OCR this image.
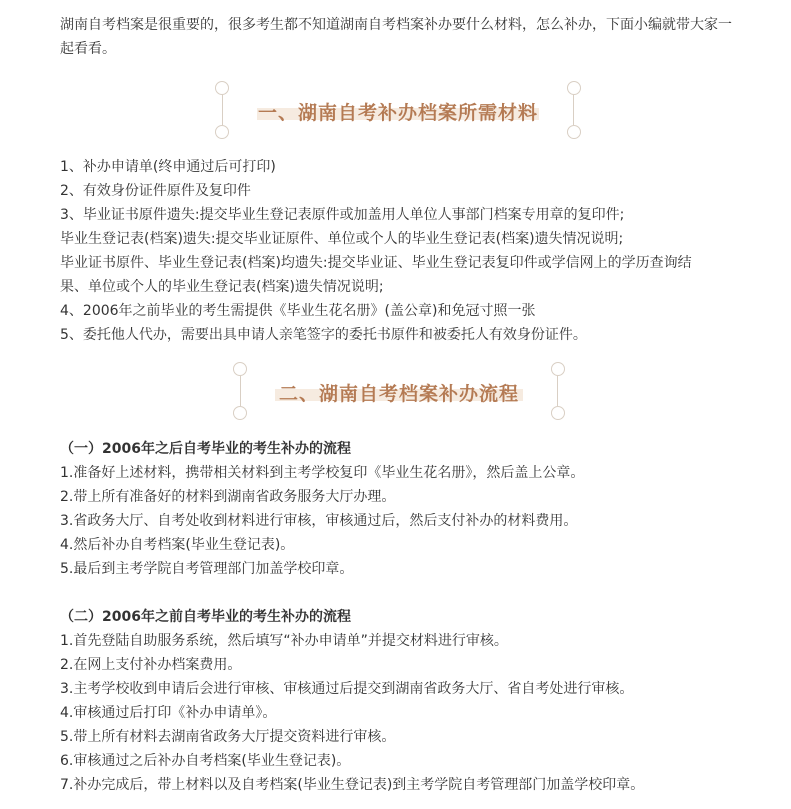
湖南自考档案是很重要的，很多考生都不知道湖南自考档案补办要什么材料，怎么补办，下面小编就带大家一起看看。

一、湖南自考补办档案所需材料

1、补办申请单(终申通过后可打印)

2、有效身份证件原件及复印件

3、毕业证书原件遗失:提交毕业生登记表原件或加盖用人单位人事部门档案专用章的复印件;

毕业生登记表(档案)遗失:提交毕业证原件、单位或个人的毕业生登记表(档案)遗失情况说明;

毕业证书原件、毕业生登记表(档案)均遗失:提交毕业证、毕业生登记表复印件或学信网上的学历查询结

果、单位或个人的毕业生登记表(档案)遗失情况说明;

4、2006年之前毕业的考生需提供《毕业生花名册》(盖公章)和免冠寸照一张

5、委托他人代办，需要出具申请人亲笔签字的委托书原件和被委托人有效身份证件。

二、湖南自考档案补办流程
（一）2006年之后自考毕业的考生补办的流程

1.准备好上述材料，携带相关材料到主考学校复印《毕业生花名册》，然后盖上公章。

2.带上所有准备好的材料到湖南省政务服务大厅办理。

3.省政务大厅、自考处收到材料进行审核，审核通过后，然后支付补办的材料费用。

4.然后补办自考档案(毕业生登记表)。

5.最后到主考学院自考管理部门加盖学校印章。

（二）2006年之前自考毕业的考生补办的流程

1.首先登陆自助服务系统，然后填写“补办申请单”并提交材料进行审核。

2.在网上支付补办档案费用。

3.主考学校收到申请后会进行审核、审核通过后提交到湖南省政务大厅、省自考处进行审核。

4.审核通过后打印《补办申请单》。

5.带上所有材料去湖南省政务大厅提交资料进行审核。

6.审核通过之后补办自考档案(毕业生登记表)。

7.补办完成后，带上材料以及自考档案(毕业生登记表)到主考学院自考管理部门加盖学校印章。
